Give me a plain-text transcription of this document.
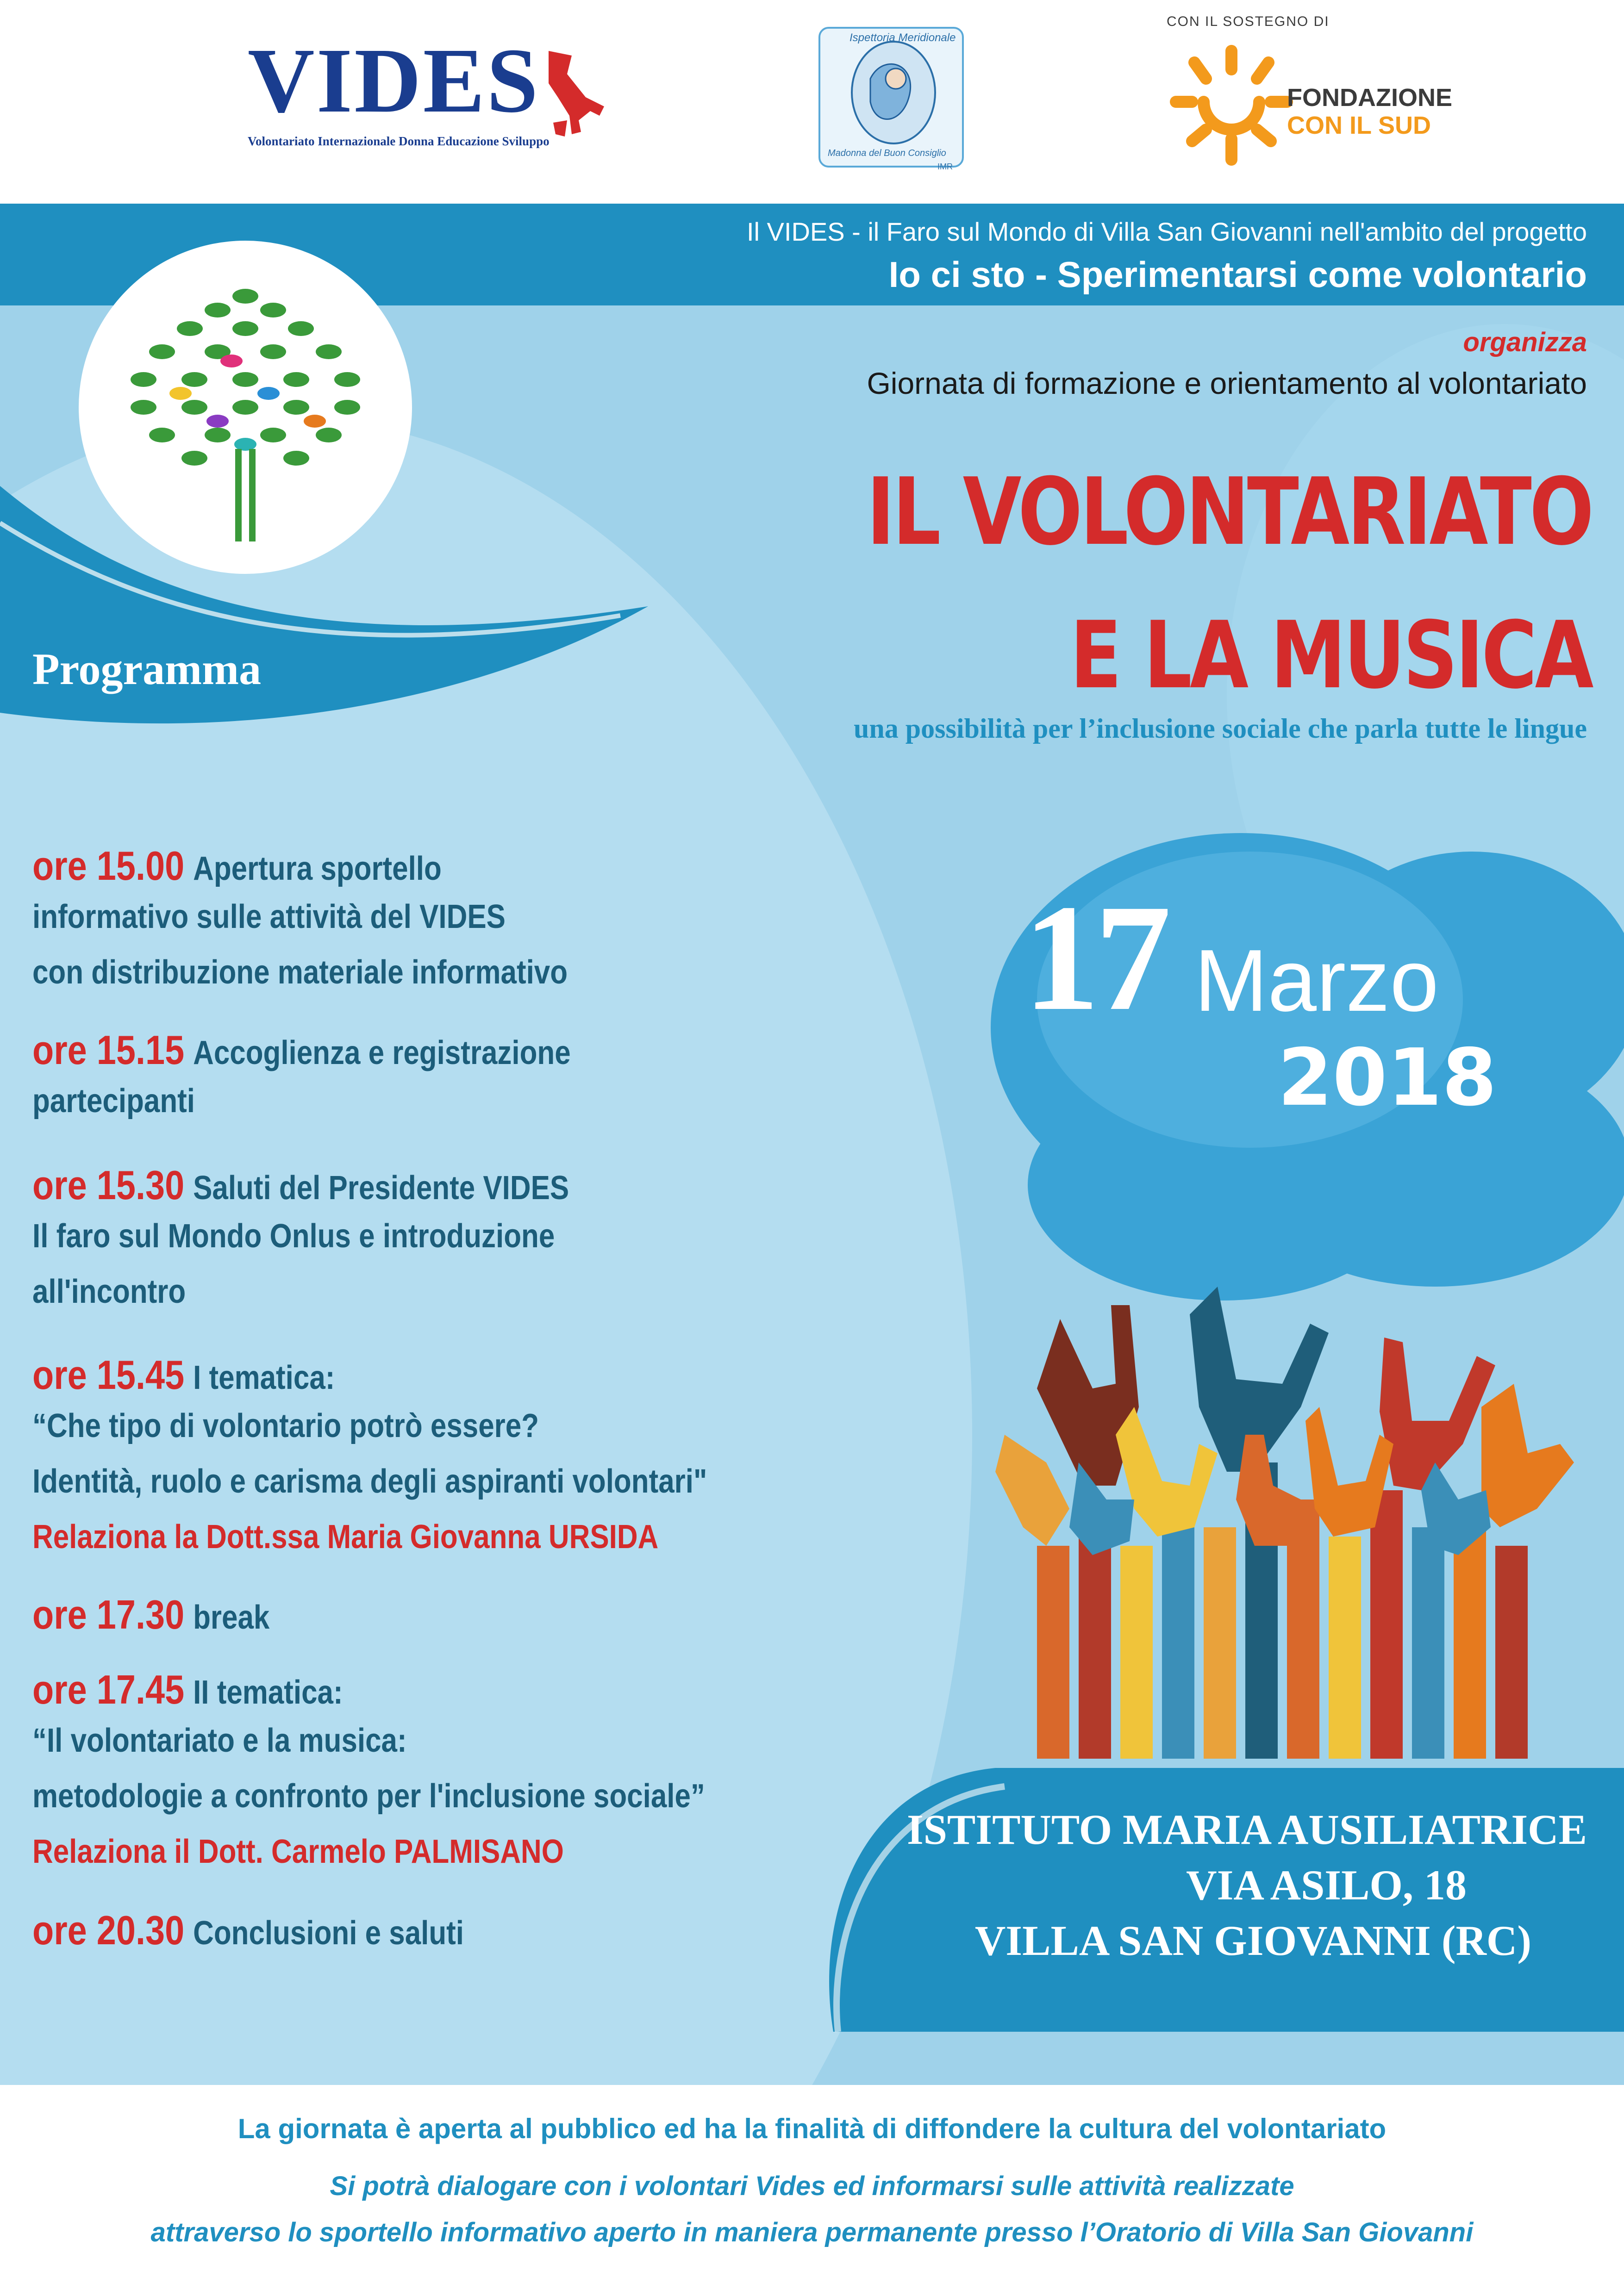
VIDES
Volontariato Internazionale Donna Educazione Sviluppo
Ispettoria Meridionale
Madonna del Buon Consiglio
IMR
CON IL SOSTEGNO DI
FONDAZIONE
CON IL SUD
Programma
Il VIDES - il Faro sul Mondo di Villa San Giovanni nell'ambito del progetto
Io ci sto - Sperimentarsi come volontario
organizza
Giornata di formazione e orientamento al volontariato
IL VOLONTARIATO
E LA MUSICA
una possibilità per l’inclusione sociale che parla tutte le lingue
17 Marzo
2018
ore 15.00 Apertura sportello
informativo sulle attività del VIDES
con distribuzione materiale informativo
ore 15.15 Accoglienza e registrazione
partecipanti
ore 15.30 Saluti del Presidente VIDES
Il faro sul Mondo Onlus e introduzione
all'incontro
ore 15.45 I tematica:
“Che tipo di volontario potrò essere?
Identità, ruolo e carisma degli aspiranti volontari"
Relaziona la Dott.ssa Maria Giovanna URSIDA
ore 17.30 break
ore 17.45 II tematica:
“Il volontariato e la musica:
metodologie a confronto per l'inclusione sociale”
Relaziona il Dott. Carmelo PALMISANO
ore 20.30 Conclusioni e saluti
ISTITUTO MARIA AUSILIATRICE
VIA ASILO, 18
VILLA SAN GIOVANNI (RC)
La giornata è aperta al pubblico ed ha la finalità di diffondere la cultura del volontariato
Si potrà dialogare con i volontari Vides ed informarsi sulle attività realizzate
attraverso lo sportello informativo aperto in maniera permanente presso l’Oratorio di Villa San Giovanni
